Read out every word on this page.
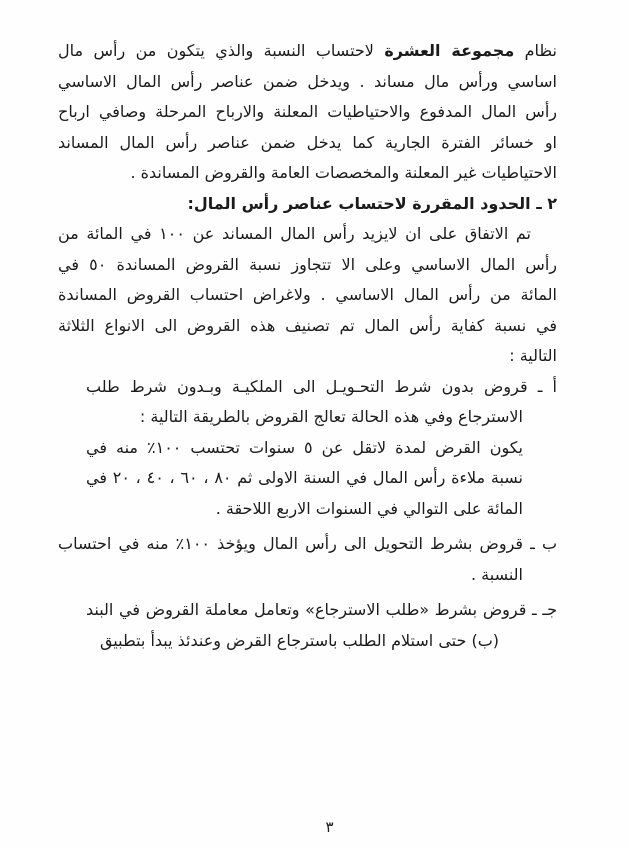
نظام مجموعة العشرة لاحتساب النسبة والذي يتكون من رأس مال
اساسي ورأس مال مساند . ويدخل ضمن عناصر رأس المال الاساسي
رأس المال المدفوع والاحتياطيات المعلنة والارباح المرحلة وصافي ارباح
او خسائر الفترة الجارية كما يدخل ضمن عناصر رأس المال المساند
الاحتياطيات غير المعلنة والمخصصات العامة والقروض المساندة .
٢ ـ الحدود المقررة لاحتساب عناصر رأس المال:
تم الاتفاق على ان لايزيد رأس المال المساند عن ١٠٠ في المائة من
رأس المال الاساسي وعلى الا تتجاوز نسبة القروض المساندة ٥٠ في
المائة من رأس المال الاساسي . ولاغراض احتساب القروض المساندة
في نسبة كفاية رأس المال تم تصنيف هذه القروض الى الانواع الثلاثة
التالية :
أ ـ قروض بدون شرط التحـويـل الى الملكيـة وبـدون شرط طلب
الاسترجاع وفي هذه الحالة تعالج القروض بالطريقة التالية :
يكون القرض لمدة لاتقل عن ٥ سنوات تحتسب ١٠٠٪ منه في
نسبة ملاءة رأس المال في السنة الاولى ثم ٨٠ ، ٦٠ ، ٤٠ ، ٢٠ في
المائة على التوالي في السنوات الاربع اللاحقة .
ب ـ قروض بشرط التحويل الى رأس المال ويؤخذ ١٠٠٪ منه في احتساب
النسبة .
جـ ـ قروض بشرط «طلب الاسترجاع» وتعامل معاملة القروض في البند
(ب) حتى استلام الطلب باسترجاع القرض وعندئذ يبدأ بتطبيق
٣
